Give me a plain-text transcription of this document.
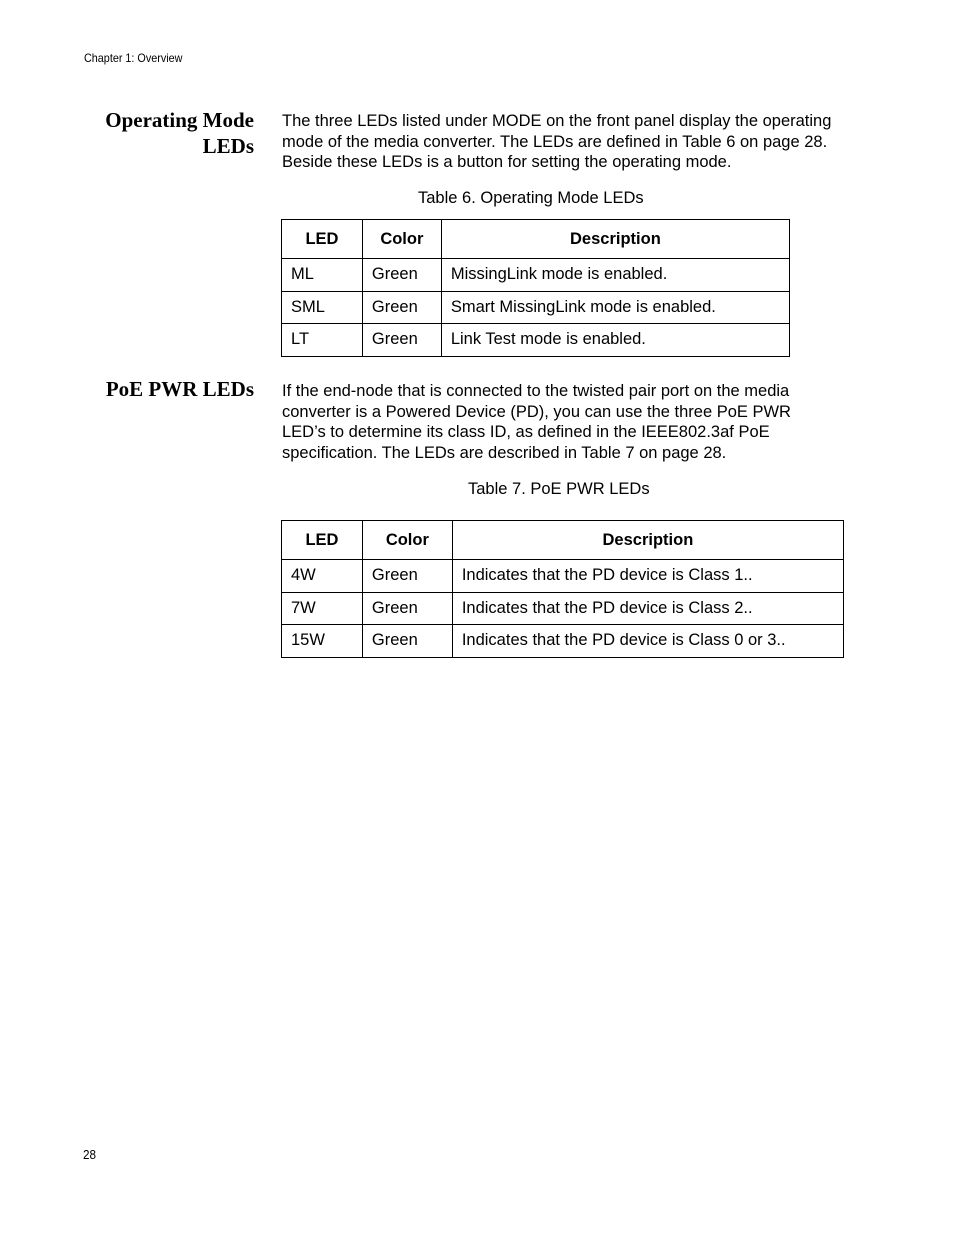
Chapter 1: Overview
Operating Mode
LEDs

The three LEDs listed under MODE on the front panel display the operating mode of the media converter. The LEDs are defined in Table 6 on page 28. Beside these LEDs is a button for setting the operating mode.

Table 6. Operating Mode LEDs
LED	Color	Description
ML	Green	MissingLink mode is enabled.
SML	Green	Smart MissingLink mode is enabled.
LT	Green	Link Test mode is enabled.
PoE PWR LEDs If the end-node that is connected to the twisted pair port on the media converter is a Powered Device (PD), you can use the three PoE PWR LED’s to determine its class ID, as defined in the IEEE802.3af PoE specification. The LEDs are described in Table 7 on page 28.

Table 7. PoE PWR LEDs
LED	Color	Description
4W	Green	Indicates that the PD device is Class 1..
7W	Green	Indicates that the PD device is Class 2..
15W	Green	Indicates that the PD device is Class 0 or 3..
28
